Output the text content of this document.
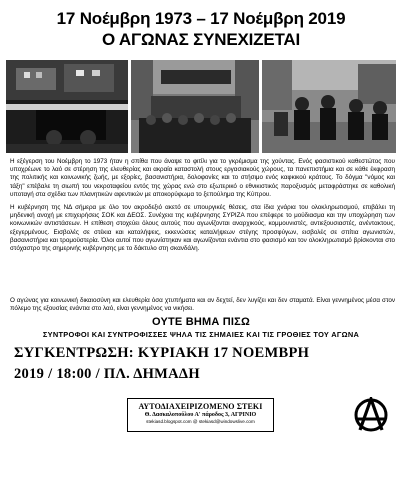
17 Νοέμβρη 1973 – 17 Νοέμβρη 2019
Ο ΑΓΩΝΑΣ ΣΥΝΕΧΙΖΕΤΑΙ
Η εξέγερση του Νοέμβρη το 1973 ήταν η σπίθα που άναψε το φιτίλι για το γκρέμισμα της χούντας. Ενός φασιστικού καθεστώτος που υποχρέωνε το λαό σε στέρηση της ελευθερίας και ακραία καταστολή στους εργασιακούς χώρους, τα πανεπιστήμια και σε κάθε έκφραση της πολιτικής και κοινωνικής ζωής, με εξορίες, βασανιστήρια, δολοφονίες και το στήσιμο ενός καφκικού κράτους. Το δόγμα "νόμος και τάξη" επέβαλε τη σιωπή του νεκροταφείου εντός της χώρας ενώ στο εξωτερικό ο εθνικιστικός παροξυσμός μεταφράστηκε σε καθολική υποταγή στα σχέδια των πλανητικών αφεντικών με αποκορύφωμα το ξεπούλημα της Κύπρου.
Η κυβέρνηση της ΝΔ σήμερα με όλο τον ακροδεξιό ακετό σε υπουργικές θέσεις, στα ίδια χνάρια του ολοκληρωτισμού, επιβάλει τη μηδενική ανοχή με επιχειρήσεις ΣΟΚ και ΔΕΟΣ. Συνέχεια της κυβέρνησης ΣΥΡΙΖΑ που επέφερε το μούδιασμα και την υποχώρηση των κοινωνικών αντιστάσεων. Η επίθεση στοχεύει όλους αυτούς που αγωνίζονται αναρχικούς, κομμουνιστές, αντιεξουσιαστές, ανέντακτους, εξεγερμένους. Εισβολές σε στέκια και καταλήψεις, εκκενώσεις καταλήψεων στέγης προσφύγων, εισβολές σε σπίτια αγωνιστών, βασανιστήρια και τρομοϋστερία. Όλοι αυτοί που αγωνίστηκαν και αγωνίζονται ενάντια στο φασισμό και τον ολοκληρωτισμό βρίσκονται στο στόχαστρο της σημερινής κυβέρνησης με το δάκτυλο στη σκανδάλη.
Ο αγώνας για κοινωνική δικαιοσύνη και ελευθερία όσα χτυπήματα και αν δεχτεί, δεν λυγίζει και δεν σταματά. Είναι γεννημένος μέσα στον πόλεμο της εξουσίας ενάντια στο λαό, είναι γεννημένος να νικήσει.
ΟΥΤΕ ΒΗΜΑ ΠΙΣΩ
ΣΥΝΤΡΟΦΟΙ ΚΑΙ ΣΥΝΤΡΟΦΙΣΣΕΣ ΨΗΛΑ ΤΙΣ ΣΗΜΑΙΕΣ ΚΑΙ ΤΙΣ ΓΡΟΘΙΕΣ ΤΟΥ ΑΓΩΝΑ
ΣΥΓΚΕΝΤΡΩΣΗ: ΚΥΡΙΑΚΗ 17 ΝΟΕΜΒΡΗ
2019 / 18:00 / ΠΛ. ΔΗΜΑΔΗ
ΑΥΤΟΔΙΑΧΕΙΡΙΖΟΜΕΝΟ ΣΤΕΚΙ
Θ. Δασκαλοπούλου Α' πάροδος 3, ΑΓΡΙΝΙΟ
stekiasd.blogspot.com @ stekiasd@windowslive.com
